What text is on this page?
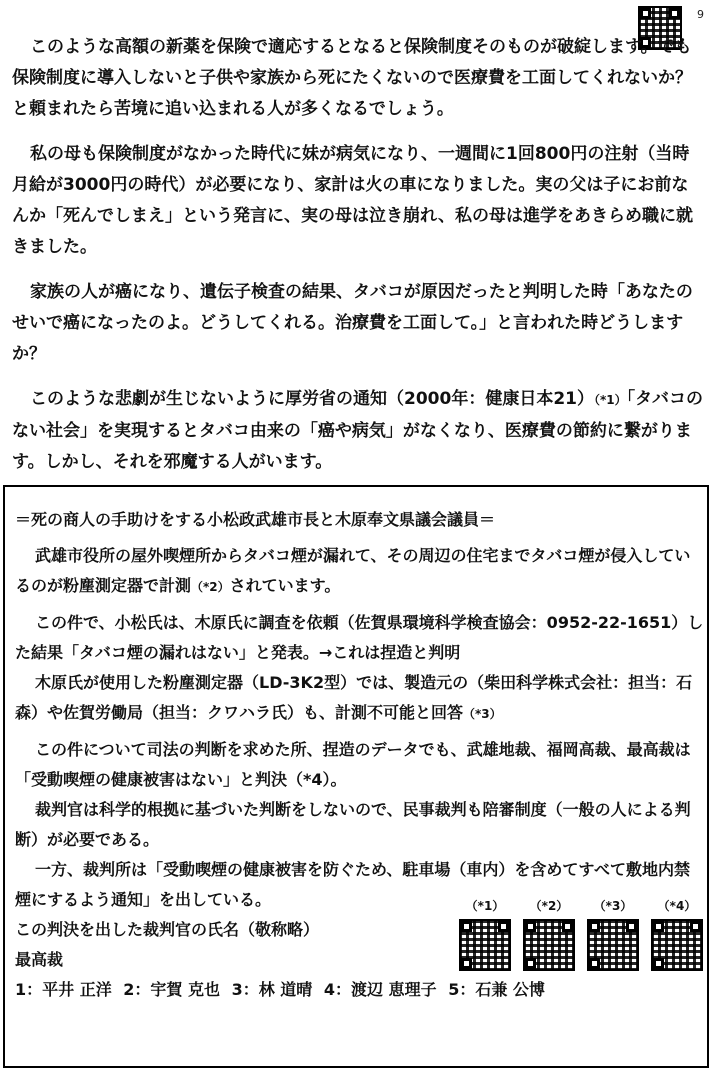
9

このような高額の新薬を保険で適応するとなると保険制度そのものが破綻します。でも保険制度に導入しないと子供や家族から死にたくないので医療費を工面してくれないか？と頼まれたら苦境に追い込まれる人が多くなるでしょう。

私の母も保険制度がなかった時代に妹が病気になり、一週間に1回800円の注射（当時月給が3000円の時代）が必要になり、家計は火の車になりました。実の父は子にお前なんか「死んでしまえ」という発言に、実の母は泣き崩れ、私の母は進学をあきらめ職に就きました。

家族の人が癌になり、遺伝子検査の結果、タバコが原因だったと判明した時「あなたのせいで癌になったのよ。どうしてくれる。治療費を工面して。」と言われた時どうしますか？

このような悲劇が生じないように厚労省の通知（2000年：健康日本21）（*1）「タバコのない社会」を実現するとタバコ由来の「癌や病気」がなくなり、医療費の節約に繋がります。しかし、それを邪魔する人がいます。

＝死の商人の手助けをする小松政武雄市長と木原奉文県議会議員＝

武雄市役所の屋外喫煙所からタバコ煙が漏れて、その周辺の住宅までタバコ煙が侵入しているのが粉塵測定器で計測（*2）されています。

この件で、小松氏は、木原氏に調査を依頼（佐賀県環境科学検査協会：0952-22-1651）した結果「タバコ煙の漏れはない」と発表。→これは捏造と判明

木原氏が使用した粉塵測定器（LD-3K2型）では、製造元の（柴田科学株式会社：担当：石森）や佐賀労働局（担当：クワハラ氏）も、計測不可能と回答（*3）

この件について司法の判断を求めた所、捏造のデータでも、武雄地裁、福岡高裁、最高裁は「受動喫煙の健康被害はない」と判決（*4）。

裁判官は科学的根拠に基づいた判断をしないので、民事裁判も陪審制度（一般の人による判断）が必要である。

一方、裁判所は「受動喫煙の健康被害を防ぐため、駐車場（車内）を含めてすべて敷地内禁煙にするよう通知」を出している。

この判決を出した裁判官の氏名（敬称略）

最高裁

1：平井 正洋 2：宇賀 克也 3：林 道晴 4：渡辺 恵理子 5：石兼 公博

（*1）	（*2）	（*3）	（*4）
